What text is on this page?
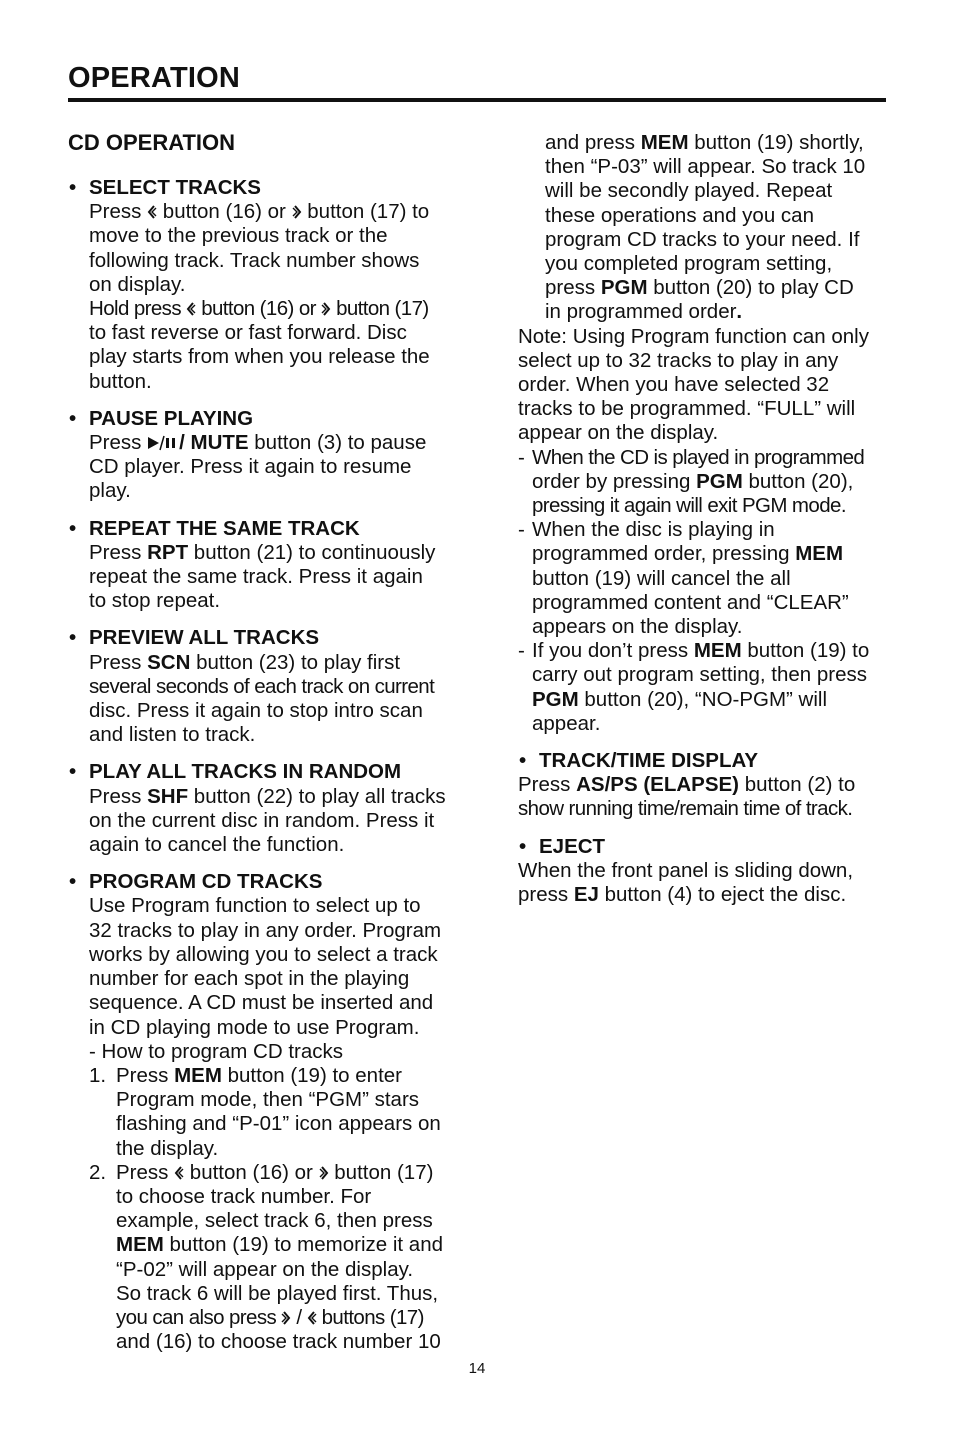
OPERATION
CD OPERATION
• SELECT TRACKS
Press  button (16) or  button (17) to
move to the previous track or the
following track. Track number shows
on display.
Hold press  button (16) or  button (17)
to fast reverse or fast forward. Disc
play starts from when you release the
button.
• PAUSE PLAYING
Press / MUTE button (3) to pause
CD player. Press it again to resume
play.
• REPEAT THE SAME TRACK
Press RPT button (21) to continuously
repeat the same track. Press it again
to stop repeat.
• PREVIEW ALL TRACKS
Press SCN button (23) to play first
several seconds of each track on current
disc. Press it again to stop intro scan
and listen to track.
• PLAY ALL TRACKS IN RANDOM
Press SHF button (22) to play all tracks
on the current disc in random. Press it
again to cancel the function.
• PROGRAM CD TRACKS
Use Program function to select up to
32 tracks to play in any order. Program
works by allowing you to select a track
number for each spot in the playing
sequence. A CD must be inserted and
in CD playing mode to use Program.
- How to program CD tracks
1. Press MEM button (19) to enter
Program mode, then “PGM” stars
flashing and “P-01” icon appears on
the display.
2. Press  button (16) or  button (17)
to choose track number. For
example, select track 6, then press
MEM button (19) to memorize it and
“P-02” will appear on the display.
So track 6 will be played first. Thus,
you can also press  /  buttons (17)
and (16) to choose track number 10
and press MEM button (19) shortly,
then “P-03” will appear. So track 10
will be secondly played. Repeat
these operations and you can
program CD tracks to your need. If
you completed program setting,
press PGM button (20) to play CD
in programmed order.
Note: Using Program function can only
select up to 32 tracks to play in any
order. When you have selected 32
tracks to be programmed. “FULL” will
appear on the display.
- When the CD is played in programmed
order by pressing PGM button (20),
pressing it again will exit PGM mode.
- When the disc is playing in
programmed order, pressing MEM
button (19) will cancel the all
programmed content and “CLEAR”
appears on the display.
- If you don’t press MEM button (19) to
carry out program setting, then press
PGM button (20), “NO-PGM” will
appear.
• TRACK/TIME DISPLAY
Press AS/PS (ELAPSE) button (2) to
show running time/remain time of track.
• EJECT
When the front panel is sliding down,
press EJ button (4) to eject the disc.
14
